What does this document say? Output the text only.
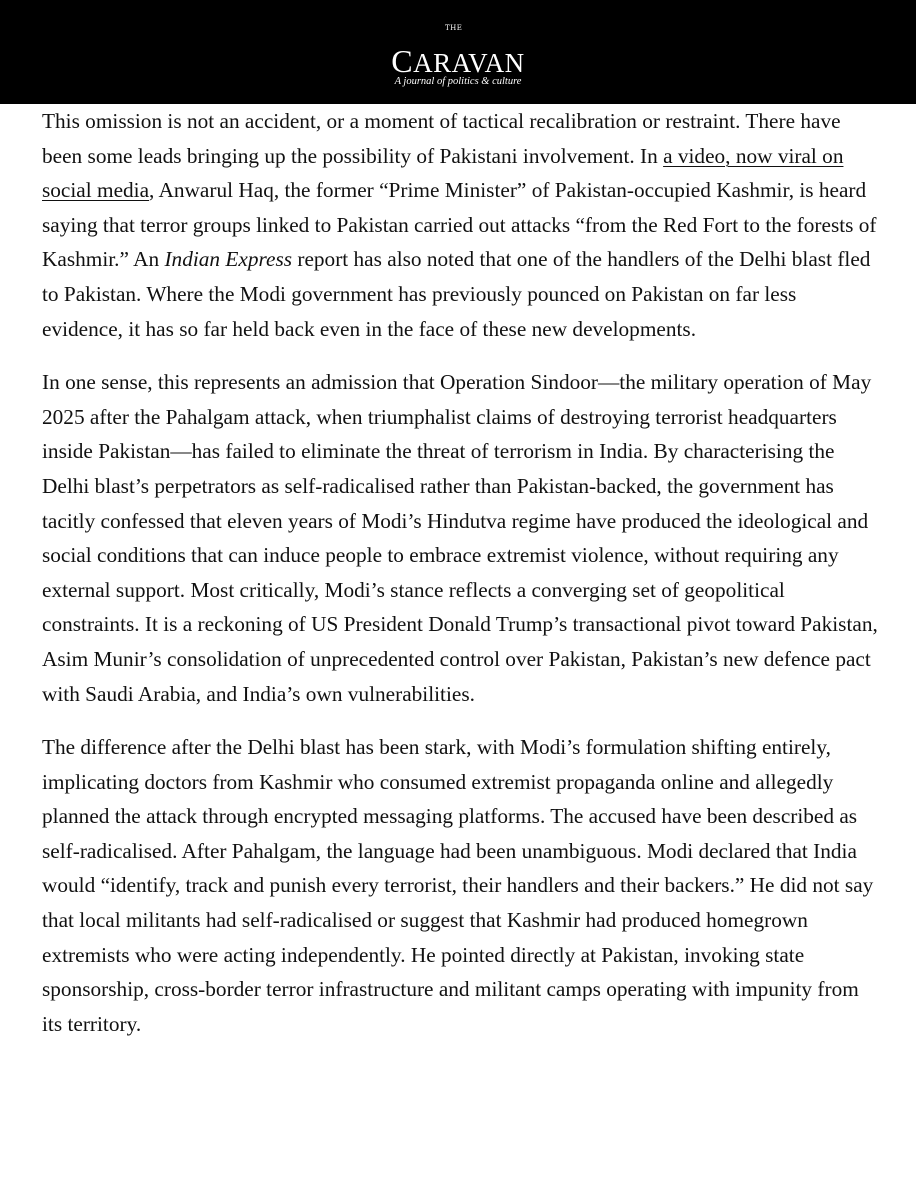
THE
CARAVAN
A journal of politics & culture

This omission is not an accident, or a moment of tactical recalibration or restraint. There have been some leads bringing up the possibility of Pakistani involvement. In a video, now viral on social media, Anwarul Haq, the former “Prime Minister” of Pakistan-occupied Kashmir, is heard saying that terror groups linked to Pakistan carried out attacks “from the Red Fort to the forests of Kashmir.” An Indian Express report has also noted that one of the handlers of the Delhi blast fled to Pakistan. Where the Modi government has previously pounced on Pakistan on far less evidence, it has so far held back even in the face of these new developments.

In one sense, this represents an admission that Operation Sindoor—the military operation of May 2025 after the Pahalgam attack, when triumphalist claims of destroying terrorist headquarters inside Pakistan—has failed to eliminate the threat of terrorism in India. By characterising the Delhi blast’s perpetrators as self-radicalised rather than Pakistan-backed, the government has tacitly confessed that eleven years of Modi’s Hindutva regime have produced the ideological and social conditions that can induce people to embrace extremist violence, without requiring any external support. Most critically, Modi’s stance reflects a converging set of geopolitical constraints. It is a reckoning of US President Donald Trump’s transactional pivot toward Pakistan, Asim Munir’s consolidation of unprecedented control over Pakistan, Pakistan’s new defence pact with Saudi Arabia, and India’s own vulnerabilities.

The difference after the Delhi blast has been stark, with Modi’s formulation shifting entirely, implicating doctors from Kashmir who consumed extremist propaganda online and allegedly planned the attack through encrypted messaging platforms. The accused have been described as self-radicalised. After Pahalgam, the language had been unambiguous. Modi declared that India would “identify, track and punish every terrorist, their handlers and their backers.” He did not say that local militants had self-radicalised or suggest that Kashmir had produced homegrown extremists who were acting independently. He pointed directly at Pakistan, invoking state sponsorship, cross-border terror infrastructure and militant camps operating with impunity from its territory.
